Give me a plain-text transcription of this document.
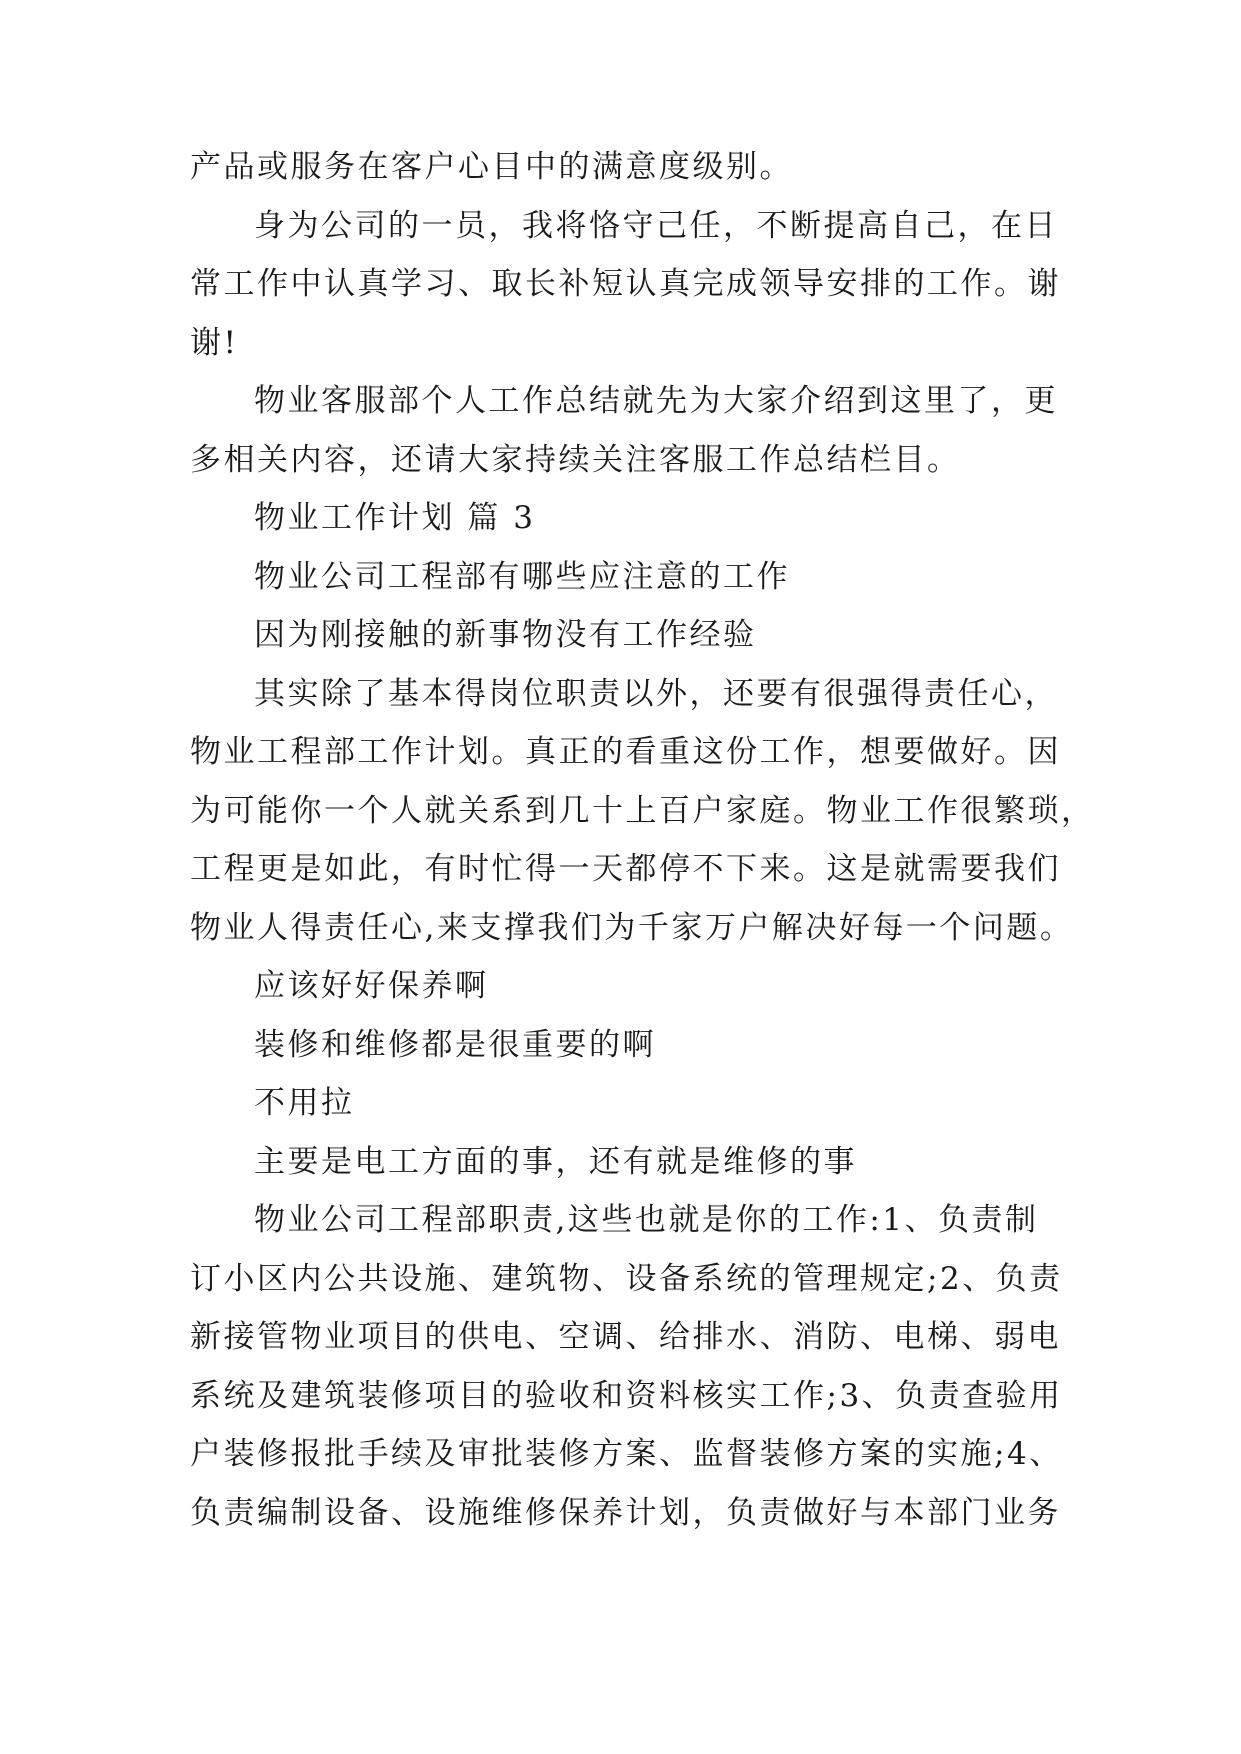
产品或服务在客户心目中的满意度级别。
身为公司的一员，我将恪守己任，不断提高自己，在日
常工作中认真学习、取长补短认真完成领导安排的工作。谢
谢!
物业客服部个人工作总结就先为大家介绍到这里了，更
多相关内容，还请大家持续关注客服工作总结栏目。
物业工作计划 篇 3
物业公司工程部有哪些应注意的工作
因为刚接触的新事物没有工作经验
其实除了基本得岗位职责以外，还要有很强得责任心，
物业工程部工作计划。真正的看重这份工作，想要做好。因
为可能你一个人就关系到几十上百户家庭。物业工作很繁琐，
工程更是如此，有时忙得一天都停不下来。这是就需要我们
物业人得责任心,来支撑我们为千家万户解决好每一个问题。
应该好好保养啊
装修和维修都是很重要的啊
不用拉
主要是电工方面的事，还有就是维修的事
物业公司工程部职责,这些也就是你的工作:1、负责制
订小区内公共设施、建筑物、设备系统的管理规定;2、负责
新接管物业项目的供电、空调、给排水、消防、电梯、弱电
系统及建筑装修项目的验收和资料核实工作;3、负责查验用
户装修报批手续及审批装修方案、监督装修方案的实施;4、
负责编制设备、设施维修保养计划，负责做好与本部门业务
